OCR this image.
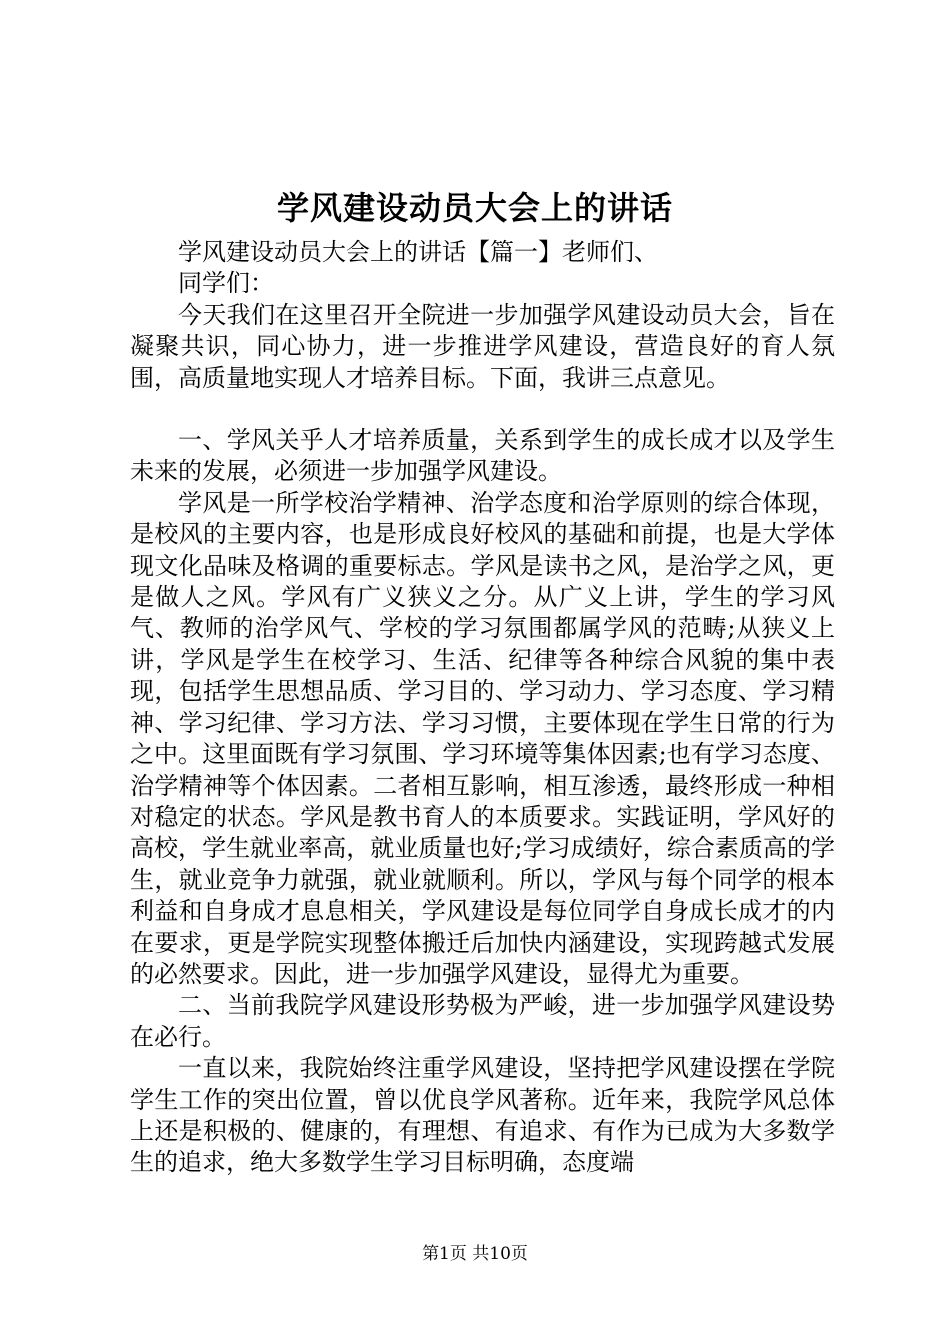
学风建设动员大会上的讲话

学风建设动员大会上的讲话【篇一】老师们、

同学们：

今天我们在这里召开全院进一步加强学风建设动员大会，旨在凝聚共识，同心协力，进一步推进学风建设，营造良好的育人氛围，高质量地实现人才培养目标。下面，我讲三点意见。

一、学风关乎人才培养质量，关系到学生的成长成才以及学生未来的发展，必须进一步加强学风建设。

学风是一所学校治学精神、治学态度和治学原则的综合体现，是校风的主要内容，也是形成良好校风的基础和前提，也是大学体现文化品味及格调的重要标志。学风是读书之风，是治学之风，更是做人之风。学风有广义狭义之分。从广义上讲，学生的学习风气、教师的治学风气、学校的学习氛围都属学风的范畴;从狭义上讲，学风是学生在校学习、生活、纪律等各种综合风貌的集中表现，包括学生思想品质、学习目的、学习动力、学习态度、学习精神、学习纪律、学习方法、学习习惯，主要体现在学生日常的行为之中。这里面既有学习氛围、学习环境等集体因素;也有学习态度、治学精神等个体因素。二者相互影响，相互渗透，最终形成一种相对稳定的状态。学风是教书育人的本质要求。实践证明，学风好的高校，学生就业率高，就业质量也好;学习成绩好，综合素质高的学生，就业竞争力就强，就业就顺利。所以，学风与每个同学的根本利益和自身成才息息相关，学风建设是每位同学自身成长成才的内在要求，更是学院实现整体搬迁后加快内涵建设，实现跨越式发展的必然要求。因此，进一步加强学风建设，显得尤为重要。

二、当前我院学风建设形势极为严峻，进一步加强学风建设势在必行。

一直以来，我院始终注重学风建设，坚持把学风建设摆在学院学生工作的突出位置，曾以优良学风著称。近年来，我院学风总体上还是积极的、健康的，有理想、有追求、有作为已成为大多数学生的追求，绝大多数学生学习目标明确，态度端

第1页 共10页
